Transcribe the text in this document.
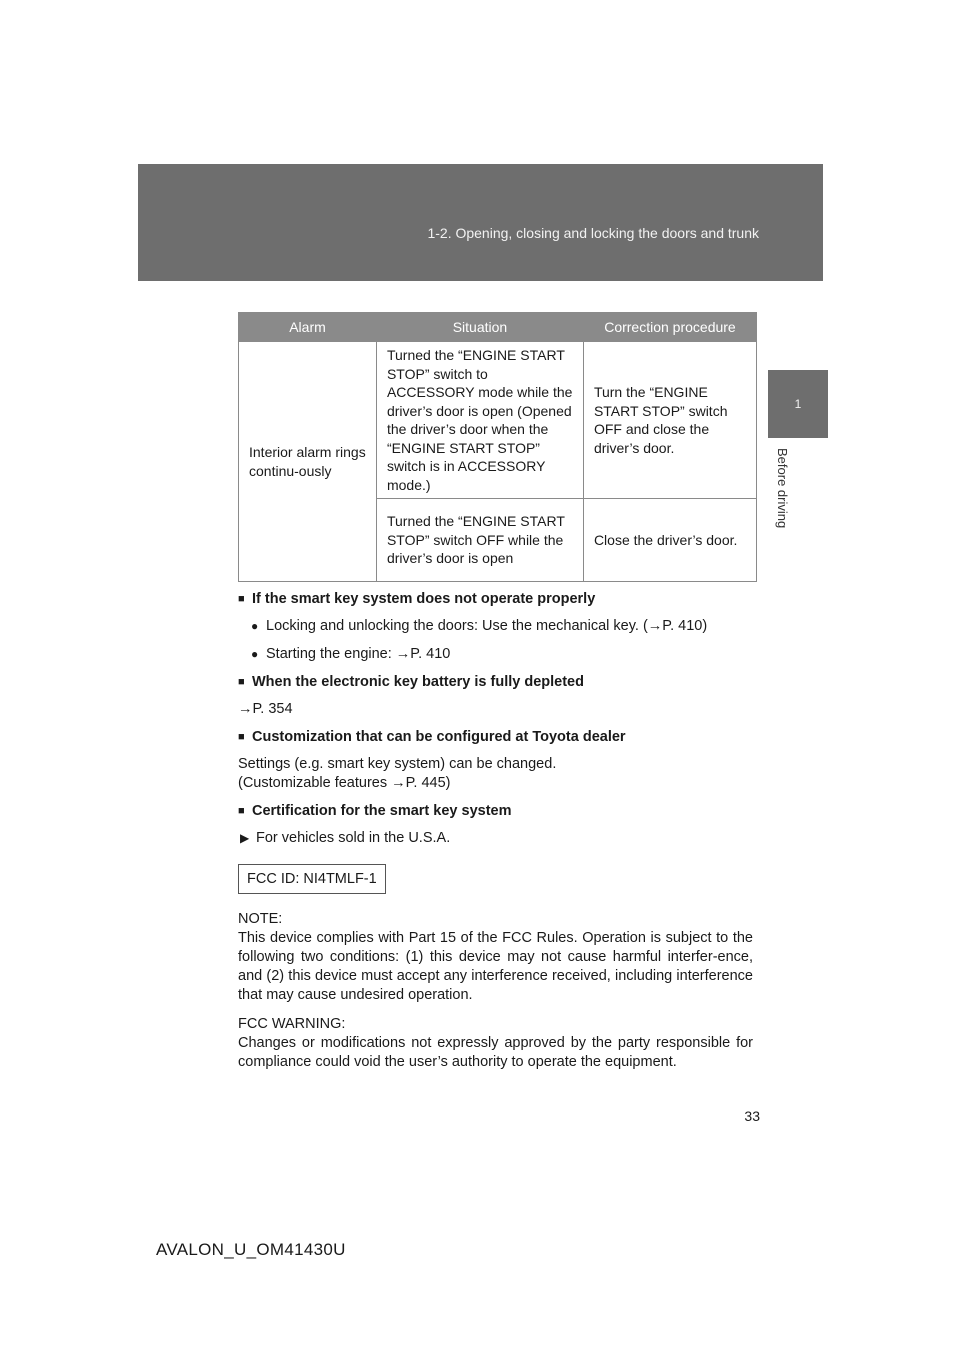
1-2. Opening, closing and locking the doors and trunk
1
Before driving
Alarm	Situation	Correction procedure
Interior alarm rings continu-ously	Turned the “ENGINE START STOP” switch to ACCESSORY mode while the driver’s door is open (Opened the driver’s door when the “ENGINE START STOP” switch is in ACCESSORY mode.)	Turn the “ENGINE START STOP” switch OFF and close the driver’s door.
	Turned the “ENGINE START STOP” switch OFF while the driver’s door is open	Close the driver’s door.
■ If the smart key system does not operate properly
● Locking and unlocking the doors: Use the mechanical key. (→P. 410)
● Starting the engine: →P. 410
■ When the electronic key battery is fully depleted
→P. 354
■ Customization that can be configured at Toyota dealer
Settings (e.g. smart key system) can be changed.
(Customizable features →P. 445)
■ Certification for the smart key system
▶ For vehicles sold in the U.S.A.
FCC ID: NI4TMLF-1
NOTE:
This device complies with Part 15 of the FCC Rules. Operation is subject to the following two conditions: (1) this device may not cause harmful interfer-ence, and (2) this device must accept any interference received, including interference that may cause undesired operation.
FCC WARNING:
Changes or modifications not expressly approved by the party responsible for compliance could void the user’s authority to operate the equipment.
33
AVALON_U_OM41430U
